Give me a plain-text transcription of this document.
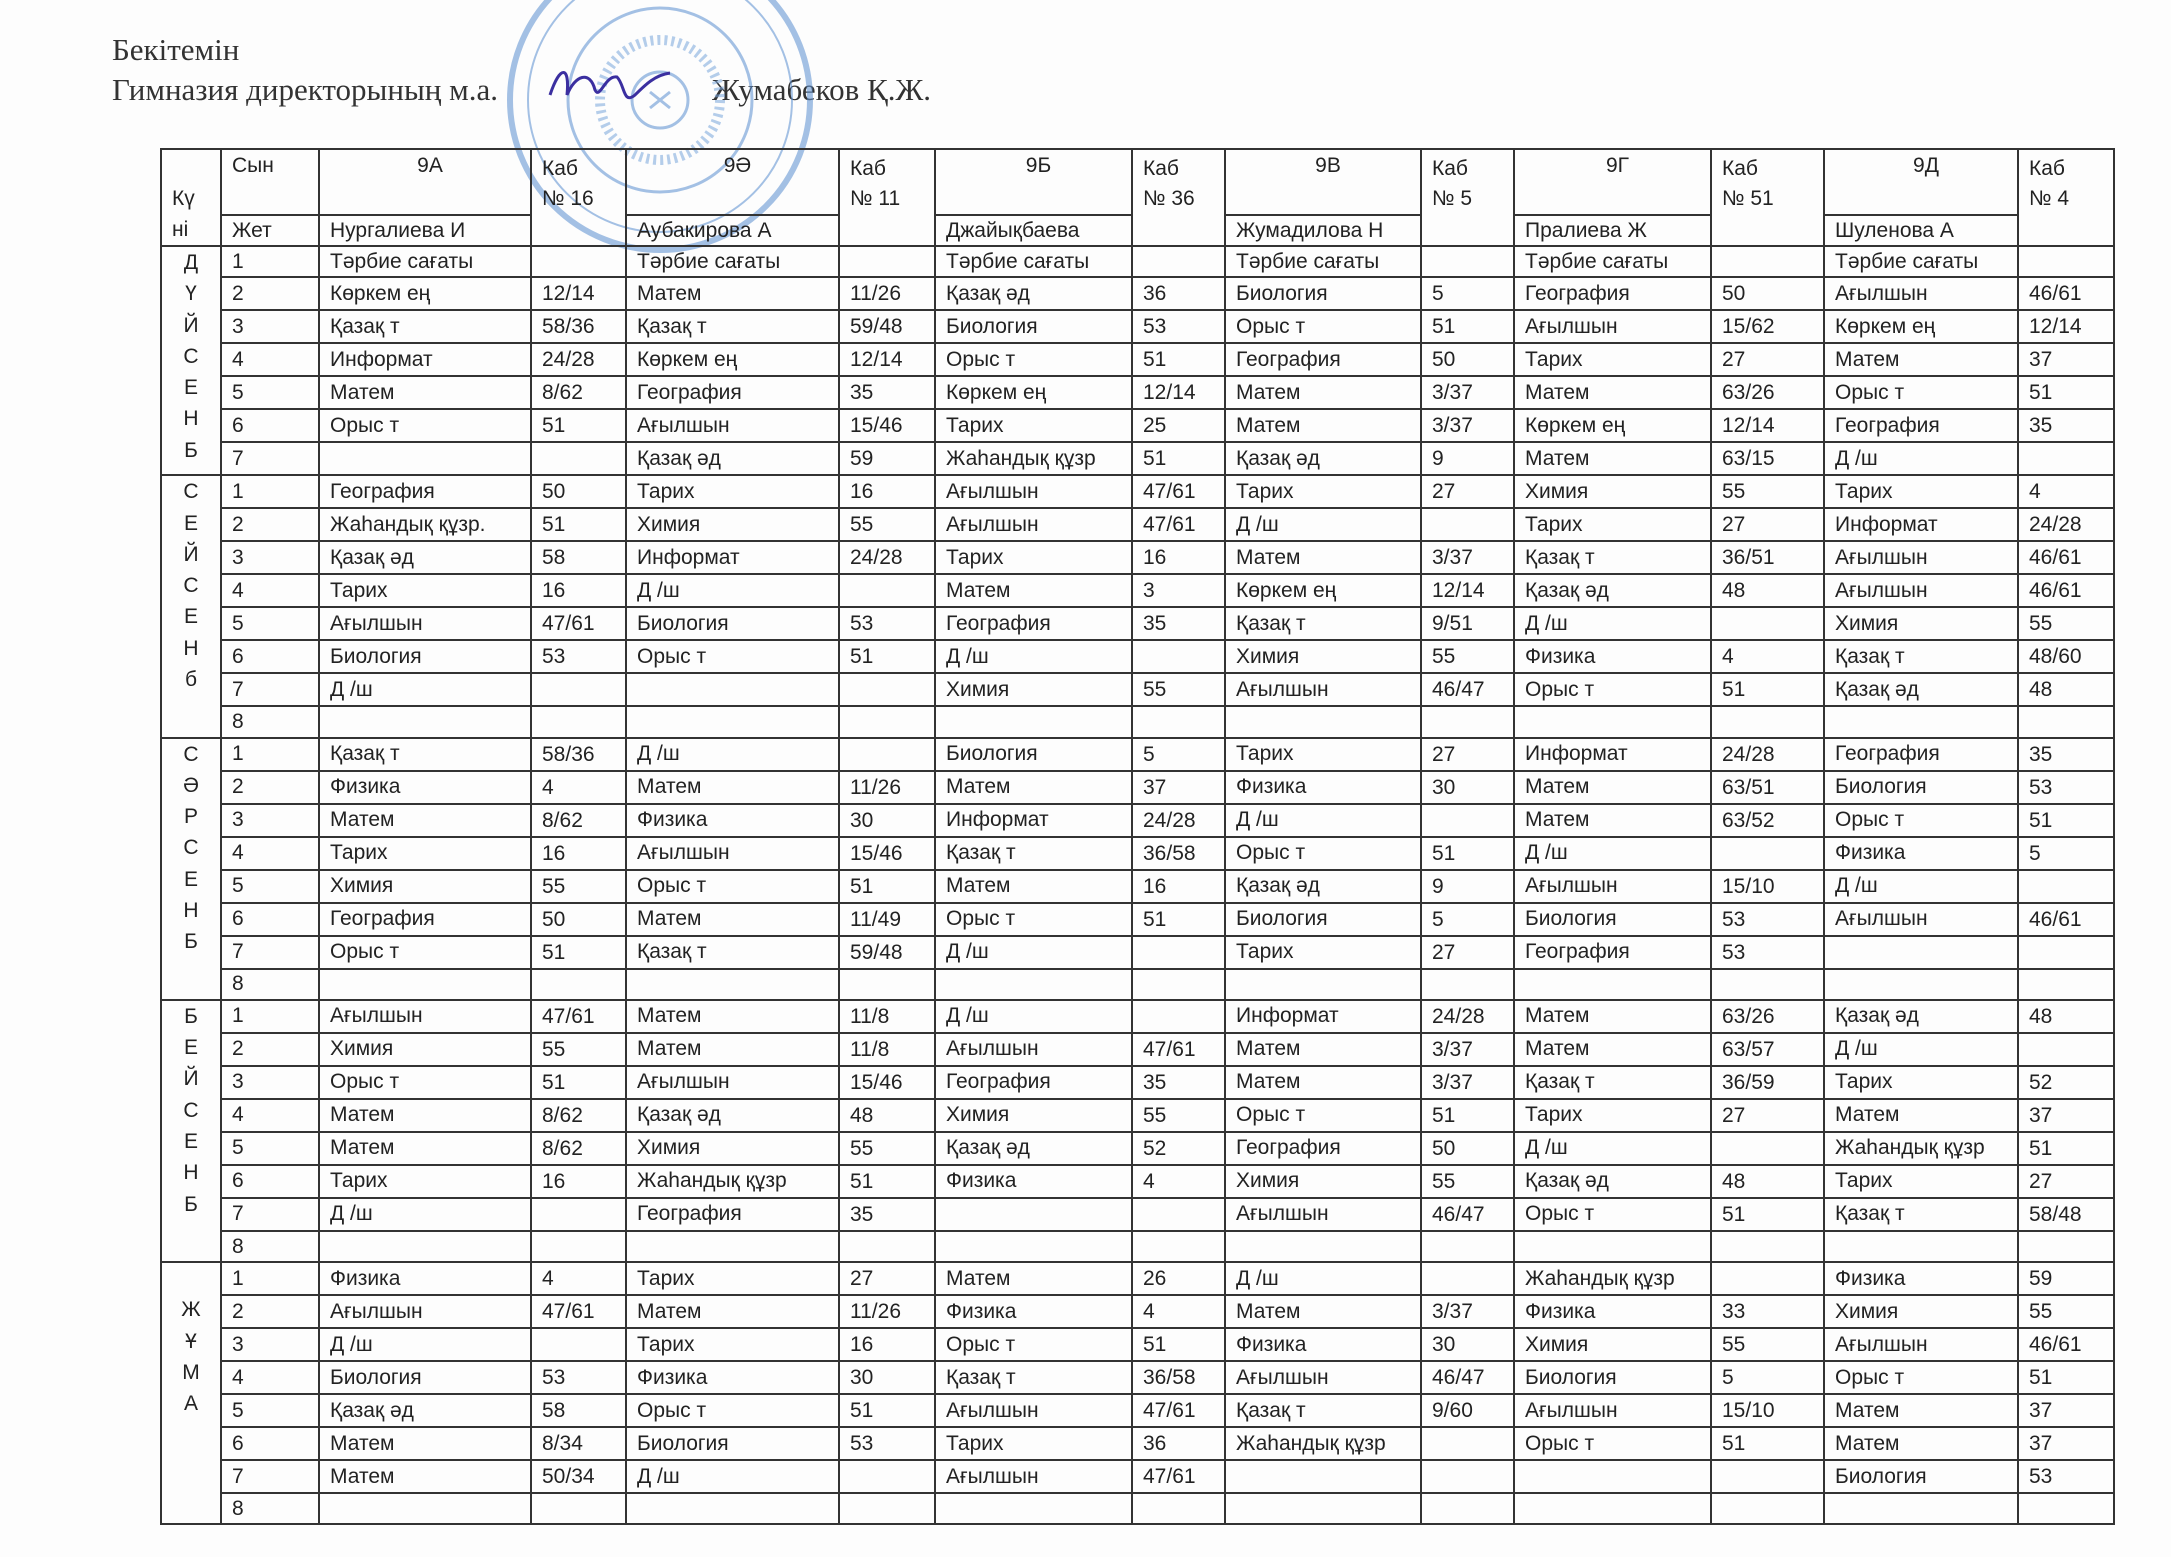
Бекітемін
Гимназия директорының м.а.	Жумабеков Қ.Ж.
Кү
ні
	Сын	9А	Каб
№ 16
	9Ә	Каб
№ 11
	9Б	Каб
№ 36
	9В	Каб
№ 5
	9Г	Каб
№ 51
	9Д	Каб
№ 4

Жет	Нургалиева И	Аубакирова А	Джайықбаева	Жумадилова Н	Пралиева Ж	Шуленова А

Д
Ү
Й
С
Е
Н
Б
	1	Тәрбие сағаты		Тәрбие сағаты		Тәрбие сағаты		Тәрбие сағаты		Тәрбие сағаты		Тәрбие сағаты	
2	Көркем ең	12/14	Матем	11/26	Қазақ әд	36	Биология	5	География	50	Ағылшын	46/61
3	Қазақ т	58/36	Қазақ т	59/48	Биология	53	Орыс т	51	Ағылшын	15/62	Көркем ең	12/14
4	Информат	24/28	Көркем ең	12/14	Орыс т	51	География	50	Тарих	27	Матем	37
5	Матем	8/62	География	35	Көркем ең	12/14	Матем	3/37	Матем	63/26	Орыс т	51
6	Орыс т	51	Ағылшын	15/46	Тарих	25	Матем	3/37	Көркем ең	12/14	География	35
7			Қазақ әд	59	Жаһандық құзр	51	Қазақ әд	9	Матем	63/15	Д /ш	

С
Е
Й
С
Е
Н
б
	1	География	50	Тарих	16	Ағылшын	47/61	Тарих	27	Химия	55	Тарих	4
2	Жаһандық құзр.	51	Химия	55	Ағылшын	47/61	Д /ш		Тарих	27	Информат	24/28
3	Қазақ әд	58	Информат	24/28	Тарих	16	Матем	3/37	Қазақ т	36/51	Ағылшын	46/61
4	Тарих	16	Д /ш		Матем	3	Көркем ең	12/14	Қазақ әд	48	Ағылшын	46/61
5	Ағылшын	47/61	Биология	53	География	35	Қазақ т	9/51	Д /ш		Химия	55
6	Биология	53	Орыс т	51	Д /ш		Химия	55	Физика	4	Қазақ т	48/60
7	Д /ш				Химия	55	Ағылшын	46/47	Орыс т	51	Қазақ әд	48
8												

С
Ә
Р
С
Е
Н
Б
	1	Қазақ т	58/36	Д /ш		Биология	5	Тарих	27	Информат	24/28	География	35
2	Физика	4	Матем	11/26	Матем	37	Физика	30	Матем	63/51	Биология	53
3	Матем	8/62	Физика	30	Информат	24/28	Д /ш		Матем	63/52	Орыс т	51
4	Тарих	16	Ағылшын	15/46	Қазақ т	36/58	Орыс т	51	Д /ш		Физика	5
5	Химия	55	Орыс т	51	Матем	16	Қазақ әд	9	Ағылшын	15/10	Д /ш	
6	География	50	Матем	11/49	Орыс т	51	Биология	5	Биология	53	Ағылшын	46/61
7	Орыс т	51	Қазақ т	59/48	Д /ш		Тарих	27	География	53		
8												

Б
Е
Й
С
Е
Н
Б
	1	Ағылшын	47/61	Матем	11/8	Д /ш		Информат	24/28	Матем	63/26	Қазақ әд	48
2	Химия	55	Матем	11/8	Ағылшын	47/61	Матем	3/37	Матем	63/57	Д /ш	
3	Орыс т	51	Ағылшын	15/46	География	35	Матем	3/37	Қазақ т	36/59	Тарих	52
4	Матем	8/62	Қазақ әд	48	Химия	55	Орыс т	51	Тарих	27	Матем	37
5	Матем	8/62	Химия	55	Қазақ әд	52	География	50	Д /ш		Жаһандық құзр	51
6	Тарих	16	Жаһандық құзр	51	Физика	4	Химия	55	Қазақ әд	48	Тарих	27
7	Д /ш		География	35			Ағылшын	46/47	Орыс т	51	Қазақ т	58/48
8												

Ж
Ұ
М
А
	1	Физика	4	Тарих	27	Матем	26	Д /ш		Жаһандық құзр		Физика	59
2	Ағылшын	47/61	Матем	11/26	Физика	4	Матем	3/37	Физика	33	Химия	55
3	Д /ш		Тарих	16	Орыс т	51	Физика	30	Химия	55	Ағылшын	46/61
4	Биология	53	Физика	30	Қазақ т	36/58	Ағылшын	46/47	Биология	5	Орыс т	51
5	Қазақ әд	58	Орыс т	51	Ағылшын	47/61	Қазақ т	9/60	Ағылшын	15/10	Матем	37
6	Матем	8/34	Биология	53	Тарих	36	Жаһандық құзр		Орыс т	51	Матем	37
7	Матем	50/34	Д /ш		Ағылшын	47/61					Биология	53
8												
